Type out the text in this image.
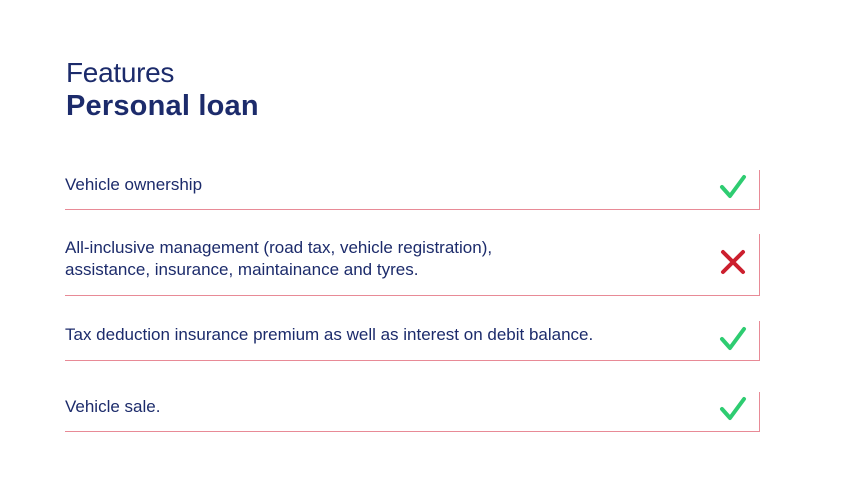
Features
Personal loan
Vehicle ownership
All-inclusive management (road tax, vehicle registration),
assistance, insurance, maintainance and tyres.
Tax deduction insurance premium as well as interest on debit balance.
Vehicle sale.
